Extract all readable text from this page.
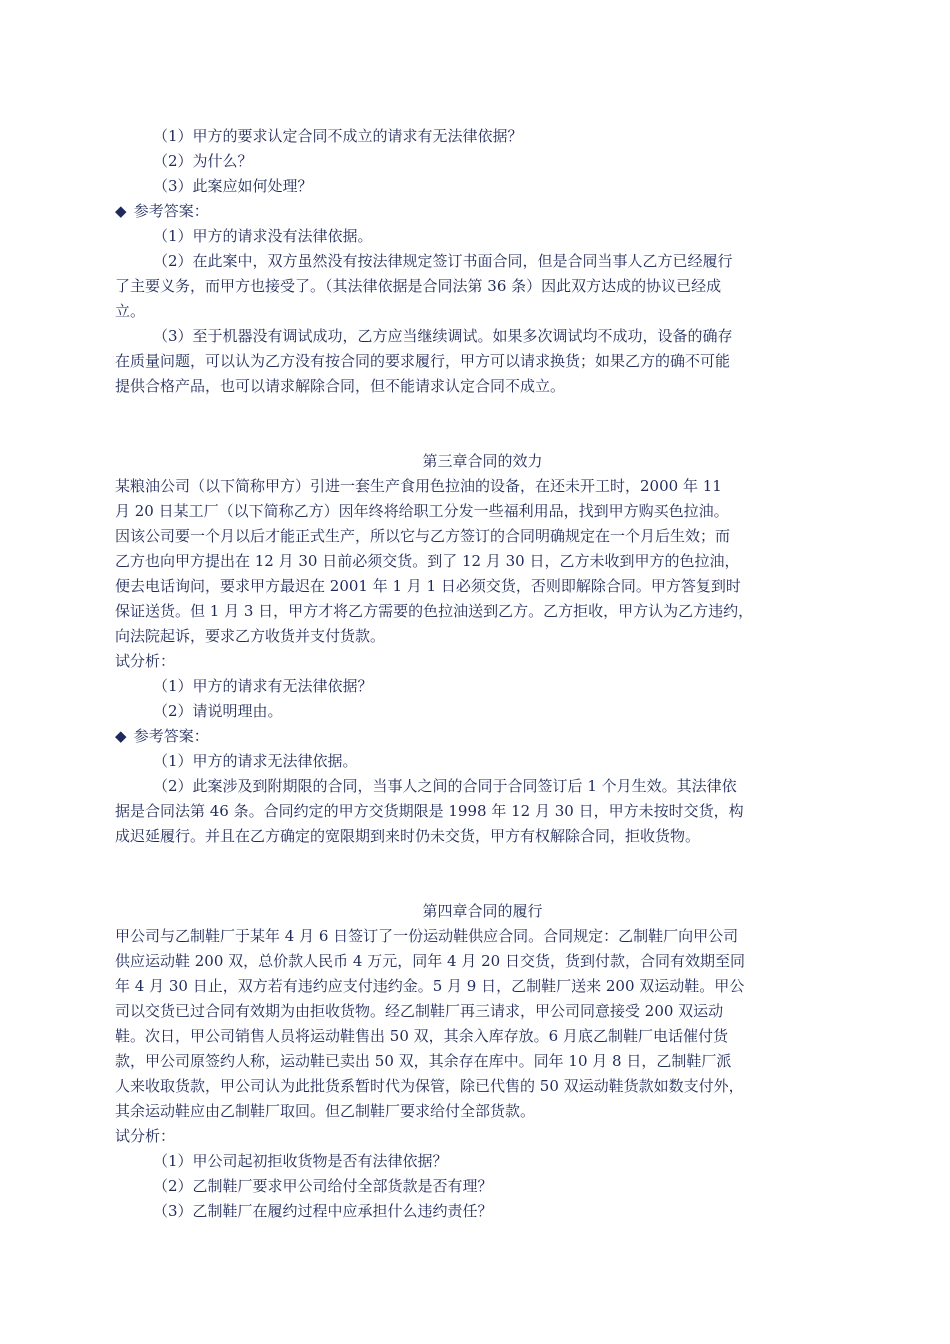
（1）甲方的要求认定合同不成立的请求有无法律依据？
（2）为什么？
（3）此案应如何处理？
◆ 参考答案：
（1）甲方的请求没有法律依据。
（2）在此案中，双方虽然没有按法律规定签订书面合同，但是合同当事人乙方已经履行
了主要义务，而甲方也接受了。（其法律依据是合同法第 36 条）因此双方达成的协议已经成
立。
（3）至于机器没有调试成功，乙方应当继续调试。如果多次调试均不成功，设备的确存
在质量问题，可以认为乙方没有按合同的要求履行，甲方可以请求换货；如果乙方的确不可能
提供合格产品，也可以请求解除合同，但不能请求认定合同不成立。
第三章合同的效力
某粮油公司（以下简称甲方）引进一套生产食用色拉油的设备，在还未开工时，2000 年 11
月 20 日某工厂（以下简称乙方）因年终将给职工分发一些福利用品，找到甲方购买色拉油。
因该公司要一个月以后才能正式生产，所以它与乙方签订的合同明确规定在一个月后生效；而
乙方也向甲方提出在 12 月 30 日前必须交货。到了 12 月 30 日，乙方未收到甲方的色拉油，
便去电话询问，要求甲方最迟在 2001 年 1 月 1 日必须交货，否则即解除合同。甲方答复到时
保证送货。但 1 月 3 日，甲方才将乙方需要的色拉油送到乙方。乙方拒收，甲方认为乙方违约，
向法院起诉，要求乙方收货并支付货款。
试分析：
（1）甲方的请求有无法律依据？
（2）请说明理由。
◆ 参考答案：
（1）甲方的请求无法律依据。
（2）此案涉及到附期限的合同，当事人之间的合同于合同签订后 1 个月生效。其法律依
据是合同法第 46 条。合同约定的甲方交货期限是 1998 年 12 月 30 日，甲方未按时交货，构
成迟延履行。并且在乙方确定的宽限期到来时仍未交货，甲方有权解除合同，拒收货物。
第四章合同的履行
甲公司与乙制鞋厂于某年 4 月 6 日签订了一份运动鞋供应合同。合同规定：乙制鞋厂向甲公司
供应运动鞋 200 双，总价款人民币 4 万元，同年 4 月 20 日交货，货到付款，合同有效期至同
年 4 月 30 日止，双方若有违约应支付违约金。5 月 9 日，乙制鞋厂送来 200 双运动鞋。甲公
司以交货已过合同有效期为由拒收货物。经乙制鞋厂再三请求，甲公司同意接受 200 双运动
鞋。次日，甲公司销售人员将运动鞋售出 50 双，其余入库存放。6 月底乙制鞋厂电话催付货
款，甲公司原签约人称，运动鞋已卖出 50 双，其余存在库中。同年 10 月 8 日，乙制鞋厂派
人来收取货款，甲公司认为此批货系暂时代为保管，除已代售的 50 双运动鞋货款如数支付外，
其余运动鞋应由乙制鞋厂取回。但乙制鞋厂要求给付全部货款。
试分析：
（1）甲公司起初拒收货物是否有法律依据？
（2）乙制鞋厂要求甲公司给付全部货款是否有理？
（3）乙制鞋厂在履约过程中应承担什么违约责任？
